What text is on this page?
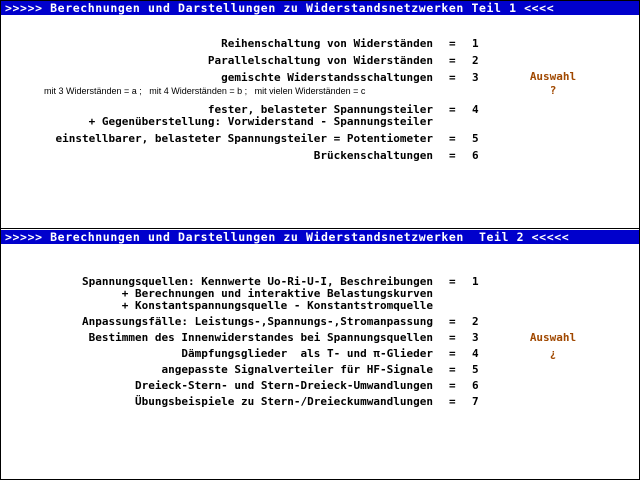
>>>>> Berechnungen und Darstellungen zu Widerstandsnetzwerken Teil 1 <<<<
Reihenschaltung von Widerständen = 1
Parallelschaltung von Widerständen = 2
gemischte Widerstandsschaltungen = 3
mit 3 Widerständen = a ;   mit 4 Widerständen = b ;   mit vielen Widerständen = c
fester, belasteter Spannungsteiler = 4
+ Gegenüberstellung: Vorwiderstand - Spannungsteiler
einstellbarer, belasteter Spannungsteiler = Potentiometer = 5
Brückenschaltungen = 6
Auswahl
?
>>>>> Berechnungen und Darstellungen zu Widerstandsnetzwerken  Teil 2 <<<<<
Spannungsquellen: Kennwerte Uo-Ri-U-I, Beschreibungen = 1
+ Berechnungen und interaktive Belastungskurven
+ Konstantspannungsquelle - Konstantstromquelle
Anpassungsfälle: Leistungs-,Spannungs-,Stromanpassung = 2
Bestimmen des Innenwiderstandes bei Spannungsquellen = 3
Dämpfungsglieder  als T- und π-Glieder = 4
angepasste Signalverteiler für HF-Signale = 5
Dreieck-Stern- und Stern-Dreieck-Umwandlungen = 6
Übungsbeispiele zu Stern-/Dreieckumwandlungen = 7
Auswahl
¿
